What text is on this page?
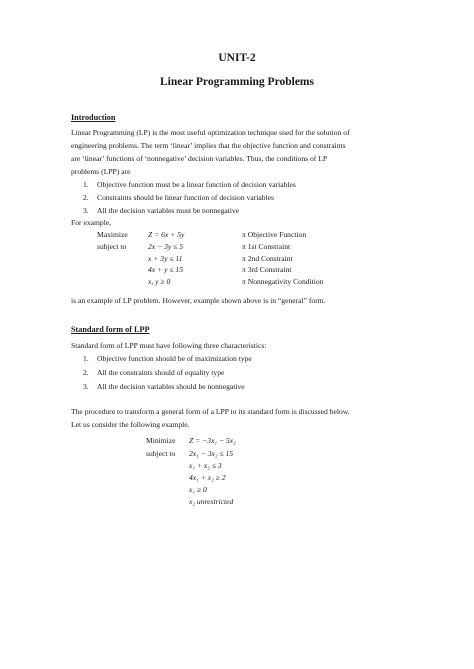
UNIT-2
Linear Programming Problems
Introduction
Linear Programming (LP) is the most useful optimization technique used for the solution of
engineering problems. The term ‘linear’ implies that the objective function and constraints
are ‘linear’ functions of ‘nonnegative’ decision variables. Thus, the conditions of LP
problems (LPP) are
1. Objective function must be a linear function of decision variables
2. Constraints should be linear function of decision variables
3. All the decision variables must be nonnegative
For example,
Maximize
subject to
Z = 6x + 5y
2x − 3y ≤ 5
x + 3y ≤ 11
4x + y ≤ 15
x, y ≥ 0
π Objective Function
π 1st Constraint
π 2nd Constraint
π 3rd Constraint
π Nonnegativity Condition
is an example of LP problem. However, example shown above is in “general” form.
Standard form of LPP
Standard form of LPP must have following three characteristics:
1. Objective function should be of maximization type
2. All the constraints should of equality type
3. All the decision variables should be nonnegative
The procedure to transform a general form of a LPP to its standard form is discussed below.
Let us consider the following example.
Minimize
subject to
Z = −3x₁ − 5x₂
2x₁ − 3x₂ ≤ 15
x₁ + x₂ ≤ 3
4x₁ + x₂ ≥ 2
x₁ ≥ 0
x₂ unrestricted
